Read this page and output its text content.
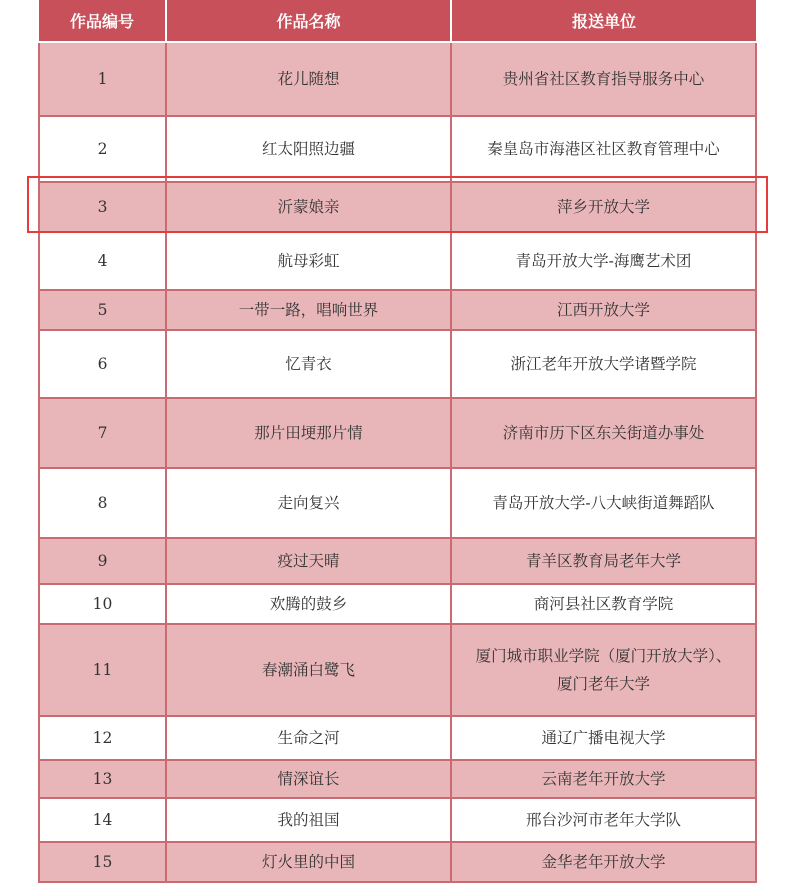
作品编号	作品名称	报送单位
1	花儿随想	贵州省社区教育指导服务中心

2	红太阳照边疆	秦皇岛市海港区社区教育管理中心

3	沂蒙娘亲	萍乡开放大学

4	航母彩虹	青岛开放大学-海鹰艺术团

5	一带一路，唱响世界	江西开放大学

6	忆青衣	浙江老年开放大学诸暨学院

7	那片田埂那片情	济南市历下区东关街道办事处

8	走向复兴	青岛开放大学-八大峡街道舞蹈队

9	疫过天晴	青羊区教育局老年大学

10	欢腾的鼓乡	商河县社区教育学院

11	春潮涌白鹭飞	厦门城市职业学院（厦门开放大学）、
厦门老年大学

12	生命之河	通辽广播电视大学

13	情深谊长	云南老年开放大学

14	我的祖国	邢台沙河市老年大学队

15	灯火里的中国	金华老年开放大学
